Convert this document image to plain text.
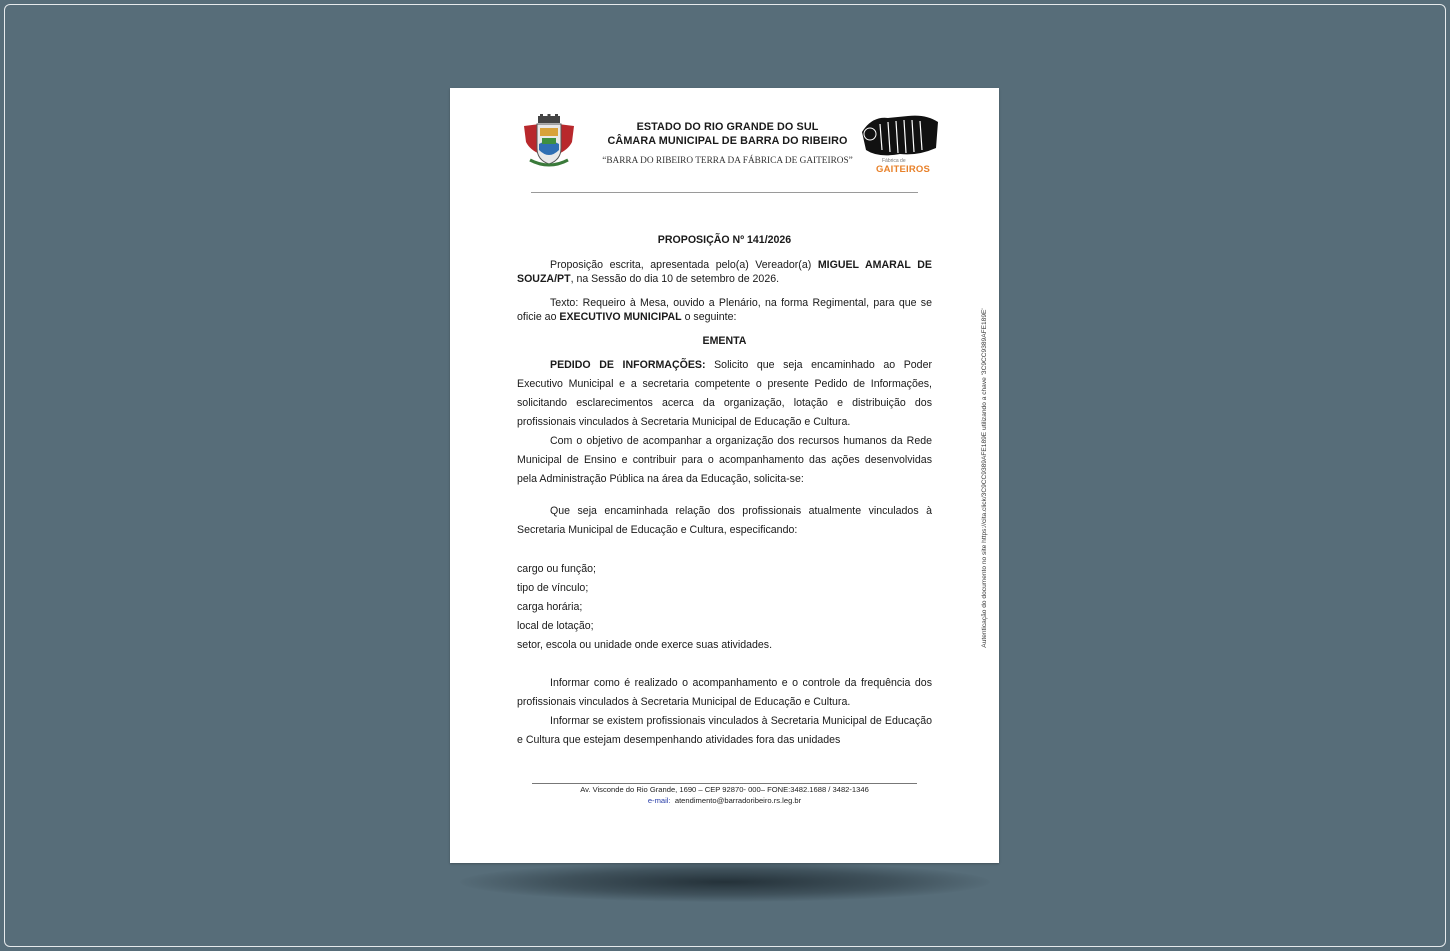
ESTADO DO RIO GRANDE DO SUL
CÂMARA MUNICIPAL DE BARRA DO RIBEIRO
“BARRA DO RIBEIRO TERRA DA FÁBRICA DE GAITEIROS”	Fábrica de
GAITEIROS
PROPOSIÇÃO Nº 141/2026

Proposição escrita, apresentada pelo(a) Vereador(a) MIGUEL AMARAL DE SOUZA/PT, na Sessão do dia 10 de setembro de 2026.

Texto: Requeiro à Mesa, ouvido a Plenário, na forma Regimental, para que se oficie ao EXECUTIVO MUNICIPAL o seguinte:

EMENTA

PEDIDO DE INFORMAÇÕES: Solicito que seja encaminhado ao Poder Executivo Municipal e a secretaria competente o presente Pedido de Informações, solicitando esclarecimentos acerca da organização, lotação e distribuição dos profissionais vinculados à Secretaria Municipal de Educação e Cultura.

Com o objetivo de acompanhar a organização dos recursos humanos da Rede Municipal de Ensino e contribuir para o acompanhamento das ações desenvolvidas pela Administração Pública na área da Educação, solicita-se:

Que seja encaminhada relação dos profissionais atualmente vinculados à Secretaria Municipal de Educação e Cultura, especificando:

cargo ou função;
tipo de vínculo;
carga horária;
local de lotação;
setor, escola ou unidade onde exerce suas atividades.

Informar como é realizado o acompanhamento e o controle da frequência dos profissionais vinculados à Secretaria Municipal de Educação e Cultura.

Informar se existem profissionais vinculados à Secretaria Municipal de Educação e Cultura que estejam desempenhando atividades fora das unidades

Av. Visconde do Rio Grande, 1690 – CEP 92870- 000– FONE:3482.1688 / 3482-1346
e-mail: atendimento@barradoribeiro.rs.leg.br
Autenticação do documento no site https://cita.click/3C9CC9389AFE189E utilizando a chave '3C9CC9389AFE189E'
